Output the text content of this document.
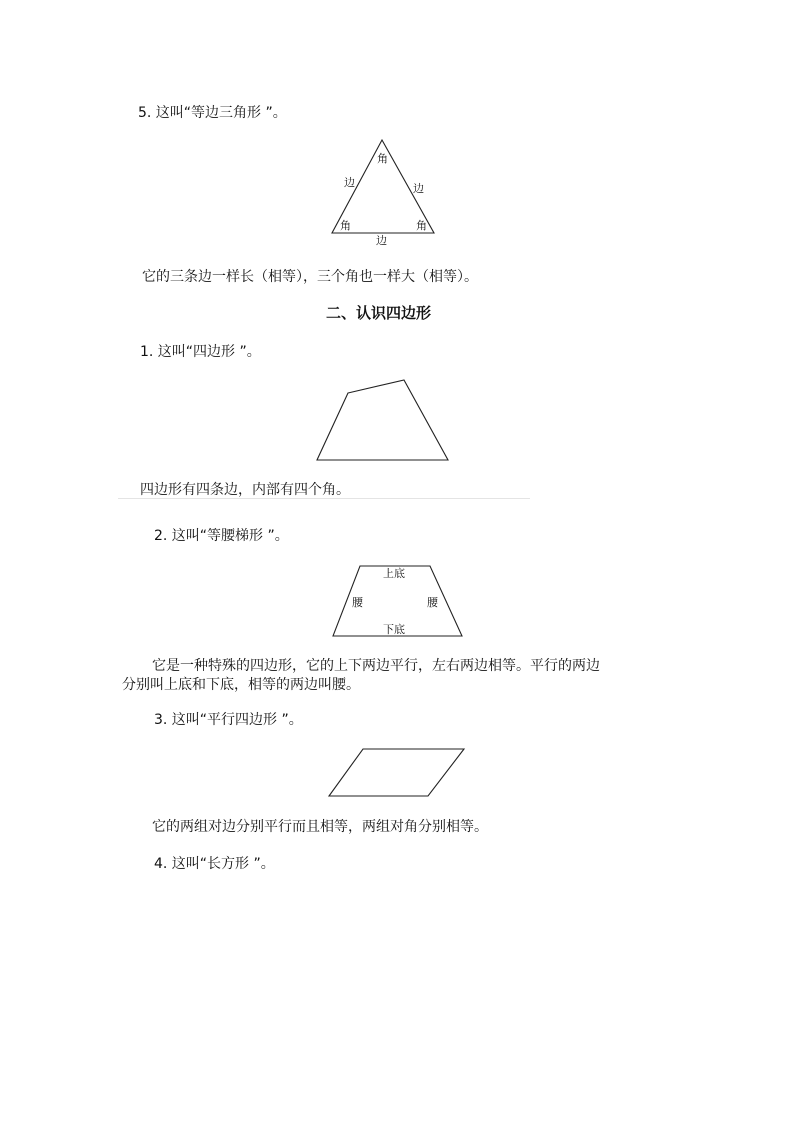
5. 这叫“等边三角形 ”。
角
边	边
角	角
边
它的三条边一样长（相等），三个角也一样大（相等）。
二、认识四边形
1. 这叫“四边形 ”。
四边形有四条边，内部有四个角。
2. 这叫“等腰梯形 ”。
上底
腰	腰
下底
它是一种特殊的四边形，它的上下两边平行，左右两边相等。平行的两边
分别叫上底和下底，相等的两边叫腰。
3. 这叫“平行四边形 ”。
它的两组对边分别平行而且相等，两组对角分别相等。
4. 这叫“长方形 ”。
